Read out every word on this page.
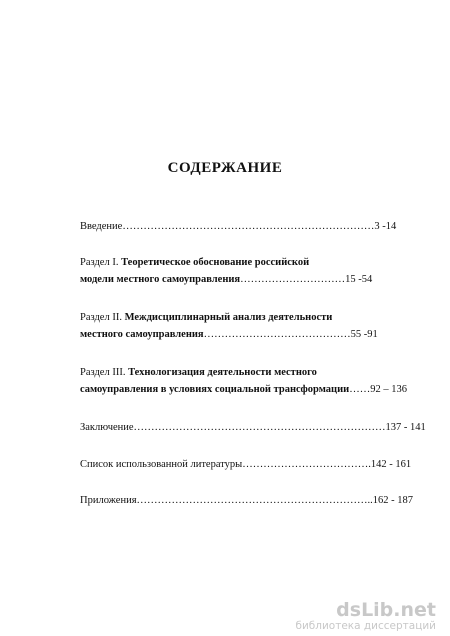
СОДЕРЖАНИЕ
Введение………………………………………………………………3 -14
Раздел I. Теоретическое обоснование российской
модели местного самоуправления…………………………15 -54
Раздел II. Междисциплинарный анализ деятельности
местного самоуправления……………………………………55 -91
Раздел III. Технологизация деятельности местного
самоуправления в условиях социальной трансформации……92 – 136
Заключение………………………………………………………………137 - 141
Список использованной литературы……………………………….142 - 161
Приложения…………………………………………………………..162 - 187
dsLib.net
библиотека диссертаций
